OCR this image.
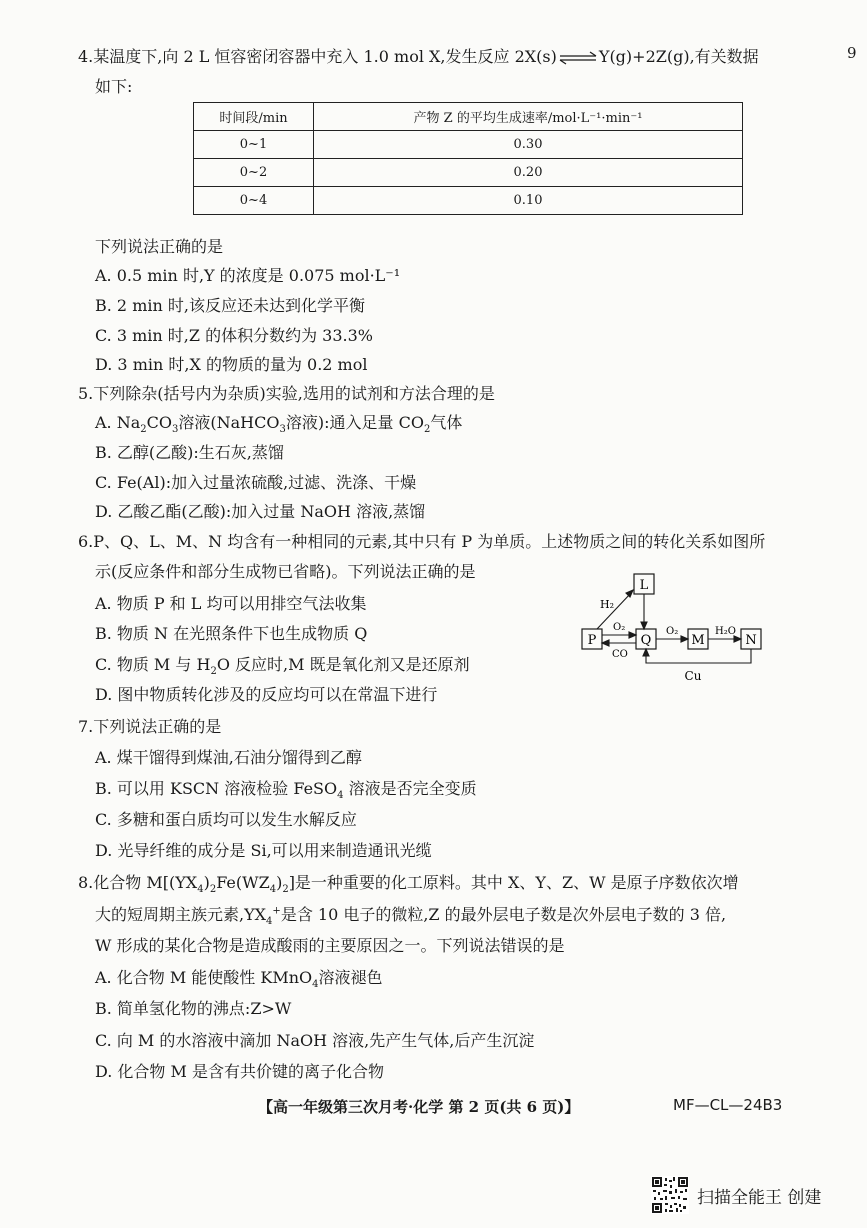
9
4.某温度下,向 2 L 恒容密闭容器中充入 1.0 mol X,发生反应 2X(s)⇌Y(g)+2Z(g),有关数据
如下:
时间段/min	产物 Z 的平均生成速率/mol·L⁻¹·min⁻¹
0~1	0.30
0~2	0.20
0~4	0.10
下列说法正确的是
A. 0.5 min 时,Y 的浓度是 0.075 mol·L⁻¹
B. 2 min 时,该反应还未达到化学平衡
C. 3 min 时,Z 的体积分数约为 33.3%
D. 3 min 时,X 的物质的量为 0.2 mol
5.下列除杂(括号内为杂质)实验,选用的试剂和方法合理的是
A. $Na_2CO_3$溶液(NaHCO$_3$溶液):通入足量 $CO_2$气体
B. 乙醇(乙酸):生石灰,蒸馏
C. Fe(Al):加入过量浓硫酸,过滤、洗涤、干燥
D. 乙酸乙酯(乙酸):加入过量 NaOH 溶液,蒸馏
6.P、Q、L、M、N 均含有一种相同的元素,其中只有 P 为单质。上述物质之间的转化关系如图所
示(反应条件和部分生成物已省略)。下列说法正确的是
A. 物质 P 和 L 均可以用排空气法收集
B. 物质 N 在光照条件下也生成物质 Q
C. 物质 M 与 $H_2O$ 反应时,M 既是氧化剂又是还原剂
D. 图中物质转化涉及的反应均可以在常温下进行
L
P	Q	M	N
H₂
O₂
CO
O₂	H₂O
Cu
7.下列说法正确的是
A. 煤干馏得到煤油,石油分馏得到乙醇
B. 可以用 KSCN 溶液检验 FeSO$_4$ 溶液是否完全变质
C. 多糖和蛋白质均可以发生水解反应
D. 光导纤维的成分是 Si,可以用来制造通讯光缆
8.化合物 $M[(YX_4)_2Fe(WZ_4)_2]$是一种重要的化工原料。其中 X、Y、Z、W 是原子序数依次增
大的短周期主族元素$,YX_4^+$是含 10 电子的微粒,Z 的最外层电子数是次外层电子数的 3 倍,
W 形成的某化合物是造成酸雨的主要原因之一。下列说法错误的是
A. 化合物 M 能使酸性 KMnO$_4$溶液褪色
B. 简单氢化物的沸点:Z>W
C. 向 M 的水溶液中滴加 NaOH 溶液,先产生气体,后产生沉淀
D. 化合物 M 是含有共价键的离子化合物
【高一年级第三次月考·化学 第 2 页(共 6 页)】	MF—CL—24B3
扫描全能王 创建
